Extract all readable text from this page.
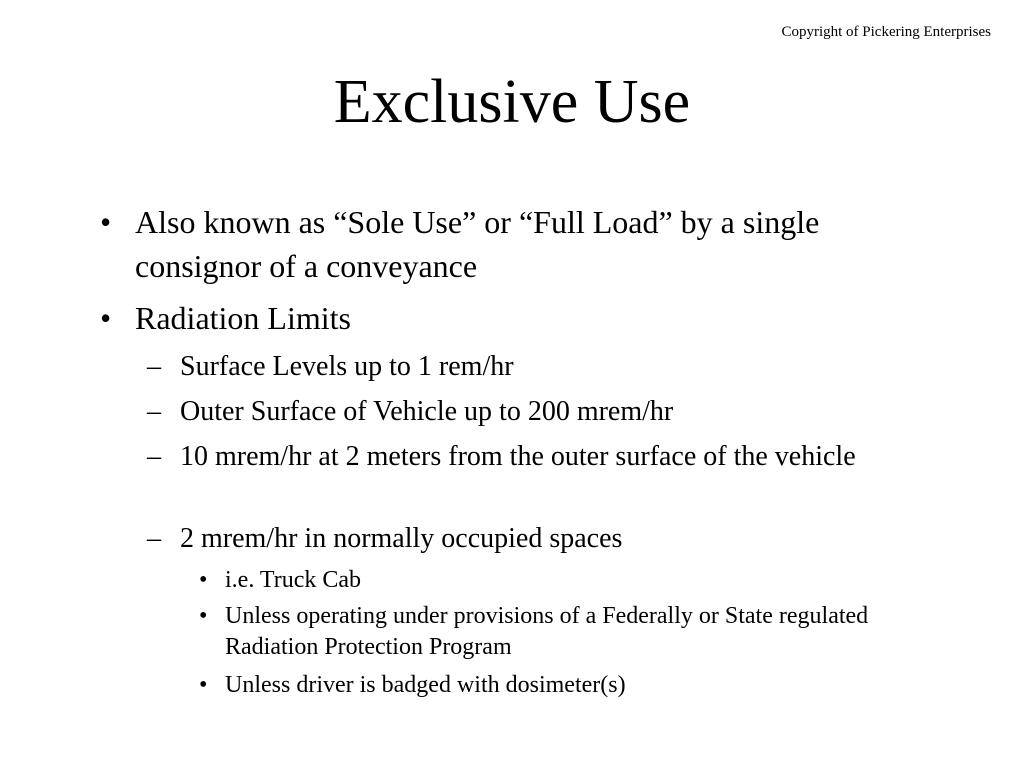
Copyright of Pickering Enterprises
Exclusive Use
• Also known as “Sole Use” or “Full Load” by a single consignor of a conveyance
• Radiation Limits
– Surface Levels up to 1 rem/hr
– Outer Surface of Vehicle up to 200 mrem/hr
– 10 mrem/hr at 2 meters from the outer surface of the vehicle
– 2 mrem/hr in normally occupied spaces
• i.e. Truck Cab
• Unless operating under provisions of a Federally or State regulated Radiation Protection Program
• Unless driver is badged with dosimeter(s)
